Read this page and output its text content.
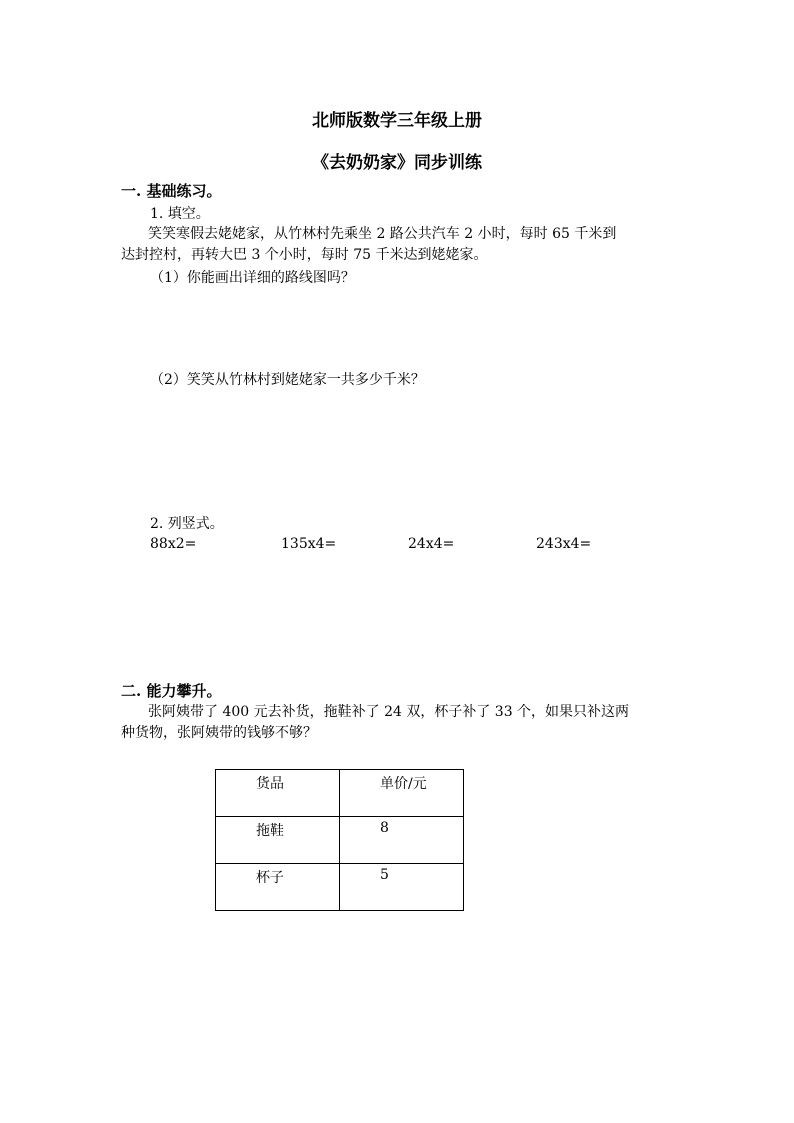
北师版数学三年级上册
《去奶奶家》同步训练
一. 基础练习。
1. 填空。
笑笑寒假去姥姥家，从竹林村先乘坐 2 路公共汽车 2 小时，每时 65 千米到
达封控村，再转大巴 3 个小时，每时 75 千米达到姥姥家。
（1）你能画出详细的路线图吗？
（2）笑笑从竹林村到姥姥家一共多少千米？
2. 列竖式。
88x2=	135x4=	24x4=	243x4=
二. 能力攀升。
张阿姨带了 400 元去补货，拖鞋补了 24 双，杯子补了 33 个，如果只补这两
种货物，张阿姨带的钱够不够？
货品	单价/元
拖鞋	8
杯子	5
